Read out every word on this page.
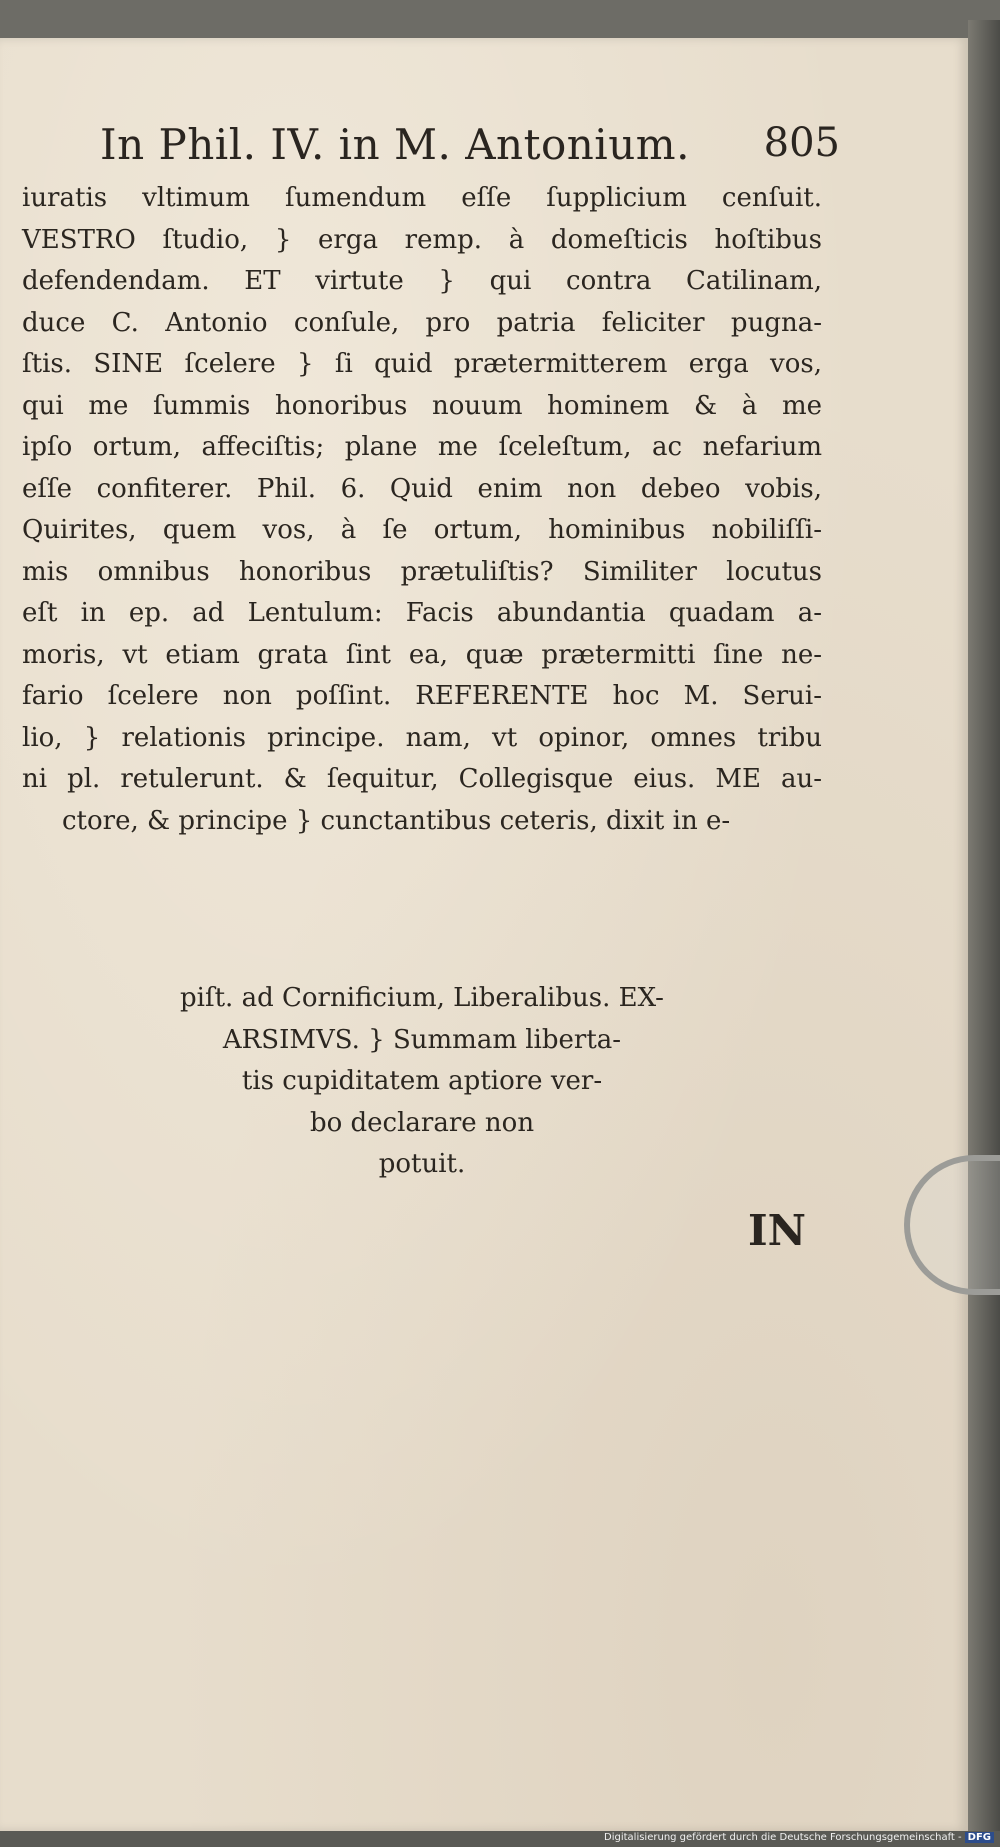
In Phil. IV. in M. Antonium. 805
iuratis vltimum ſumendum eſſe ſupplicium cenſuit.
VESTRO ſtudio, } erga remp. à domeſticis hoſtibus
defendendam. ET virtute } qui contra Catilinam,
duce C. Antonio conſule, pro patria feliciter pugna-
ſtis. SINE ſcelere } ſi quid prætermitterem erga vos,
qui me ſummis honoribus nouum hominem & à me
ipſo ortum, affeciſtis; plane me ſceleſtum, ac nefarium
eſſe confiterer. Phil. 6. Quid enim non debeo vobis,
Quirites, quem vos, à ſe ortum, hominibus nobiliſſi-
mis omnibus honoribus prætuliſtis? Similiter locutus
eſt in ep. ad Lentulum: Facis abundantia quadam a-
moris, vt etiam grata ſint ea, quæ prætermitti ſine ne-
fario ſcelere non poſſint. REFERENTE hoc M. Serui-
lio, } relationis principe. nam, vt opinor, omnes tribu
ni pl. retulerunt. & ſequitur, Collegisque eius. ME au-
ctore, & principe } cunctantibus ceteris, dixit in e-
piſt. ad Cornificium, Liberalibus. EX-
ARSIMVS. } Summam liberta-
tis cupiditatem aptiore ver-
bo declarare non
potuit.
IN
Digitalisierung gefördert durch die Deutsche Forschungsgemeinschaft - DFG
